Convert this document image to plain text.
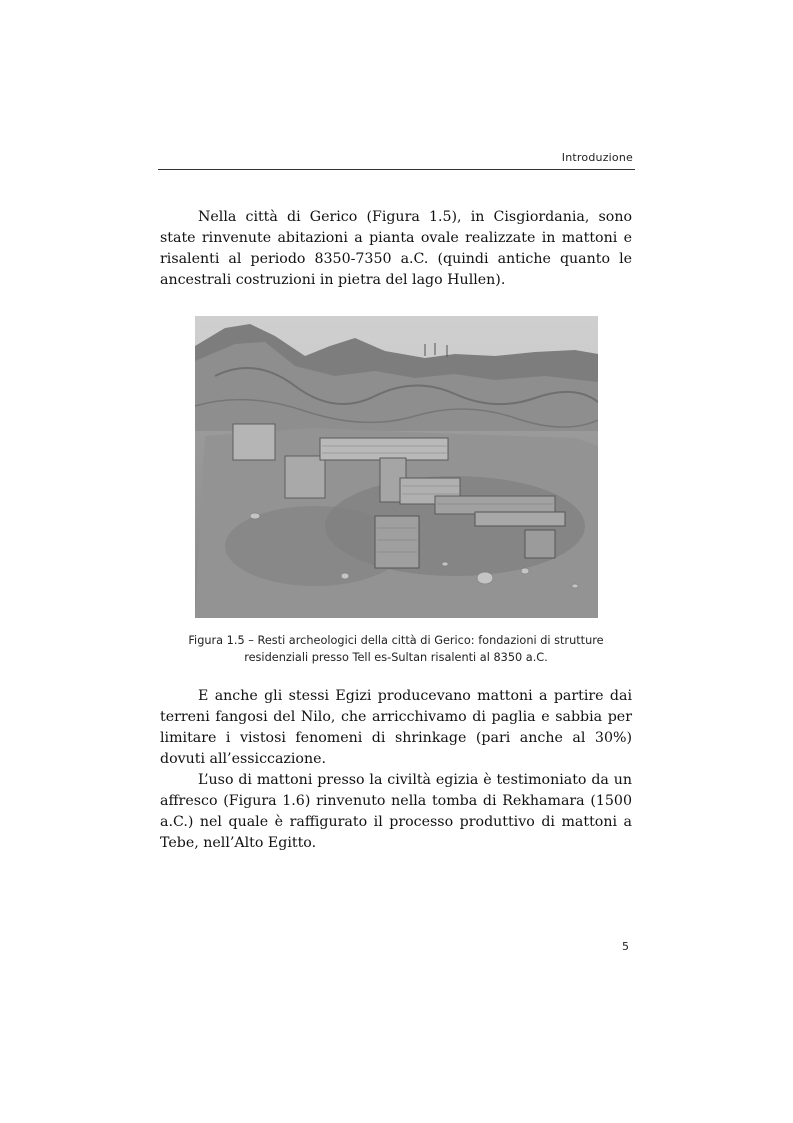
Introduzione

Nella città di Gerico (Figura 1.5), in Cisgiordania, sono state rinvenute abitazioni a pianta ovale realizzate in mattoni e risalenti al periodo 8350-7350 a.C. (quindi antiche quanto le ancestrali costruzioni in pietra del lago Hullen).

Figura 1.5 – Resti archeologici della città di Gerico: fondazioni di strutture
residenziali presso Tell es-Sultan risalenti al 8350 a.C.

E anche gli stessi Egizi producevano mattoni a partire dai terreni fangosi del Nilo, che arricchivamo di paglia e sabbia per limitare i vistosi fenomeni di shrinkage (pari anche al 30%) dovuti all’essiccazione.

L’uso di mattoni presso la civiltà egizia è testimoniato da un affresco (Figura 1.6) rinvenuto nella tomba di Rekhamara (1500 a.C.) nel quale è raffigurato il processo produttivo di mattoni a Tebe, nell’Alto Egitto.

5
